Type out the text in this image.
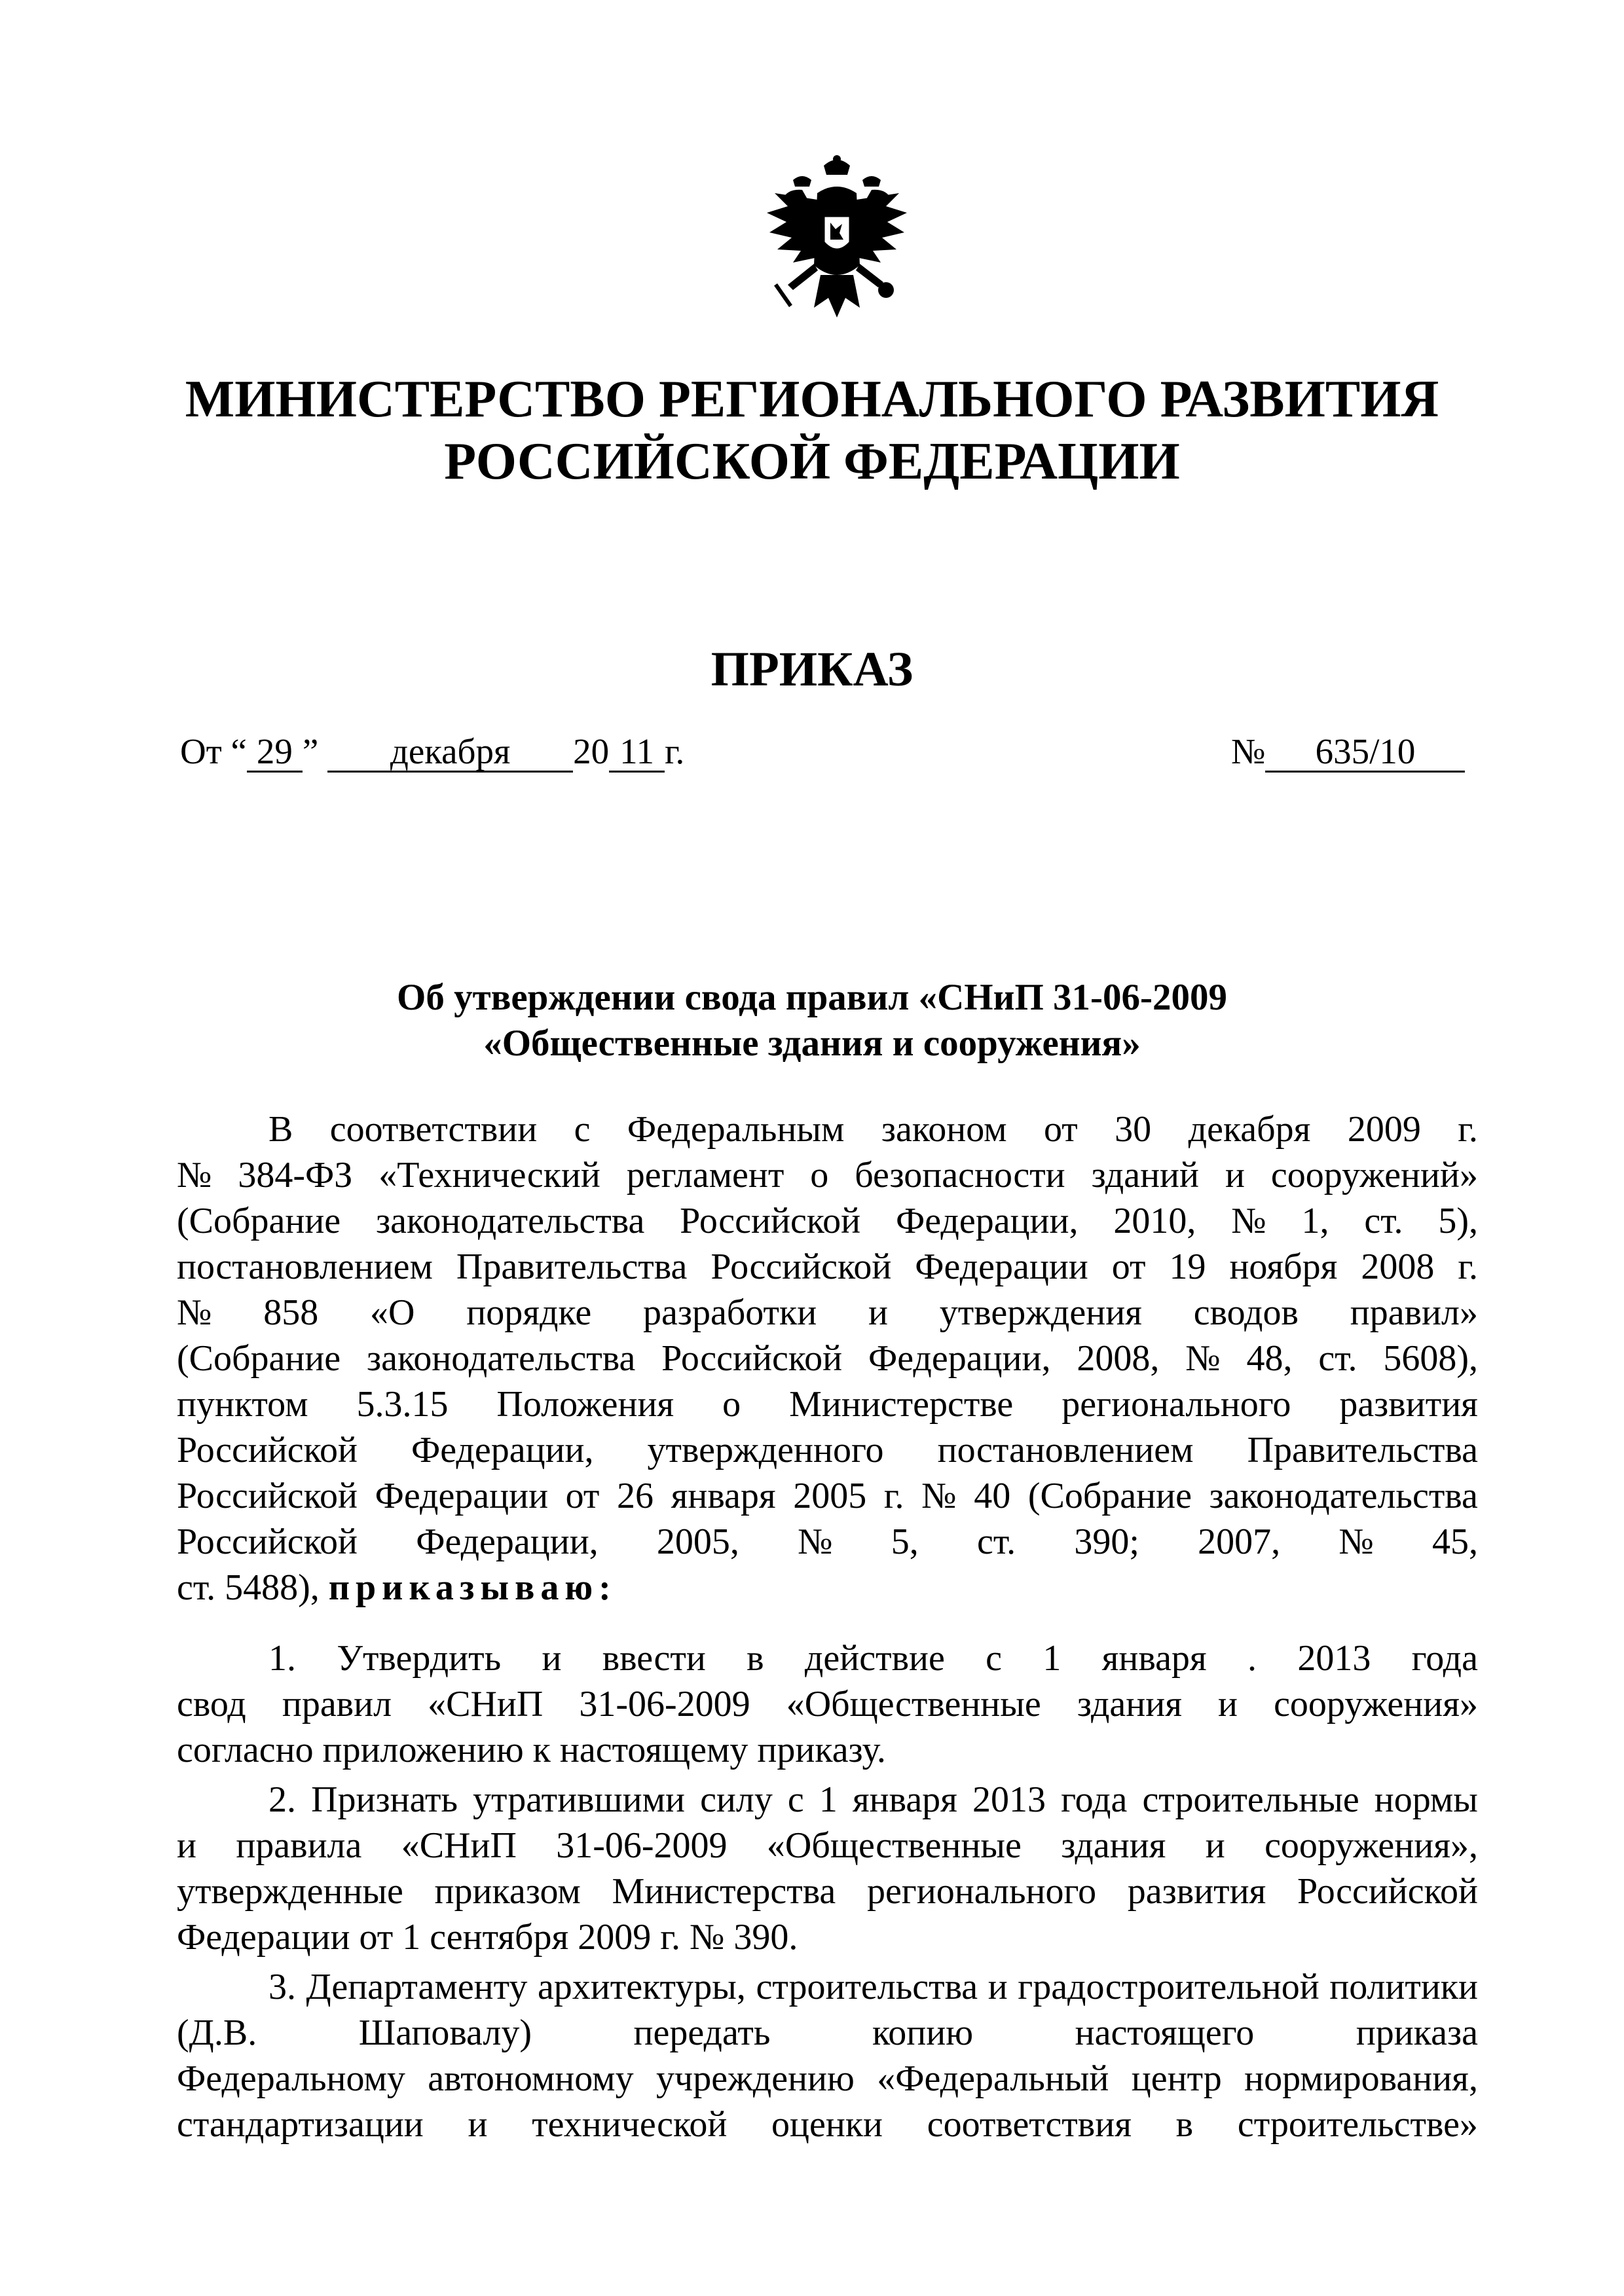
МИНИСТЕРСТВО РЕГИОНАЛЬНОГО РАЗВИТИЯ
РОССИЙСКОЙ ФЕДЕРАЦИИ
ПРИКАЗ
От “ 29 ” декабря 20 11 г.	№ 635/10
Об утверждении свода правил «СНиП 31-06-2009
«Общественные здания и сооружения»
В соответствии с Федеральным законом от 30 декабря 2009 г.
№ 384-ФЗ «Технический регламент о безопасности зданий и сооружений»
(Собрание законодательства Российской Федерации, 2010, № 1, ст. 5),
постановлением Правительства Российской Федерации от 19 ноября 2008 г.
№ 858 «О порядке разработки и утверждения сводов правил»
(Собрание законодательства Российской Федерации, 2008, № 48, ст. 5608),
пунктом 5.3.15 Положения о Министерстве регионального развития
Российской Федерации, утвержденного постановлением Правительства
Российской Федерации от 26 января 2005 г. № 40 (Собрание законодательства
Российской Федерации, 2005, № 5, ст. 390; 2007, № 45,
ст. 5488), приказываю:
1. Утвердить и ввести в действие с 1 января . 2013 года
свод правил «СНиП 31-06-2009 «Общественные здания и сооружения»
согласно приложению к настоящему приказу.
2. Признать утратившими силу с 1 января 2013 года строительные нормы
и правила «СНиП 31-06-2009 «Общественные здания и сооружения»,
утвержденные приказом Министерства регионального развития Российской
Федерации от 1 сентября 2009 г. № 390.
3. Департаменту архитектуры, строительства и градостроительной политики
(Д.В.	Шаповалу)	передать	копию	настоящего	приказа
Федеральному автономному учреждению «Федеральный центр нормирования,
стандартизации и технической оценки соответствия в строительстве»
